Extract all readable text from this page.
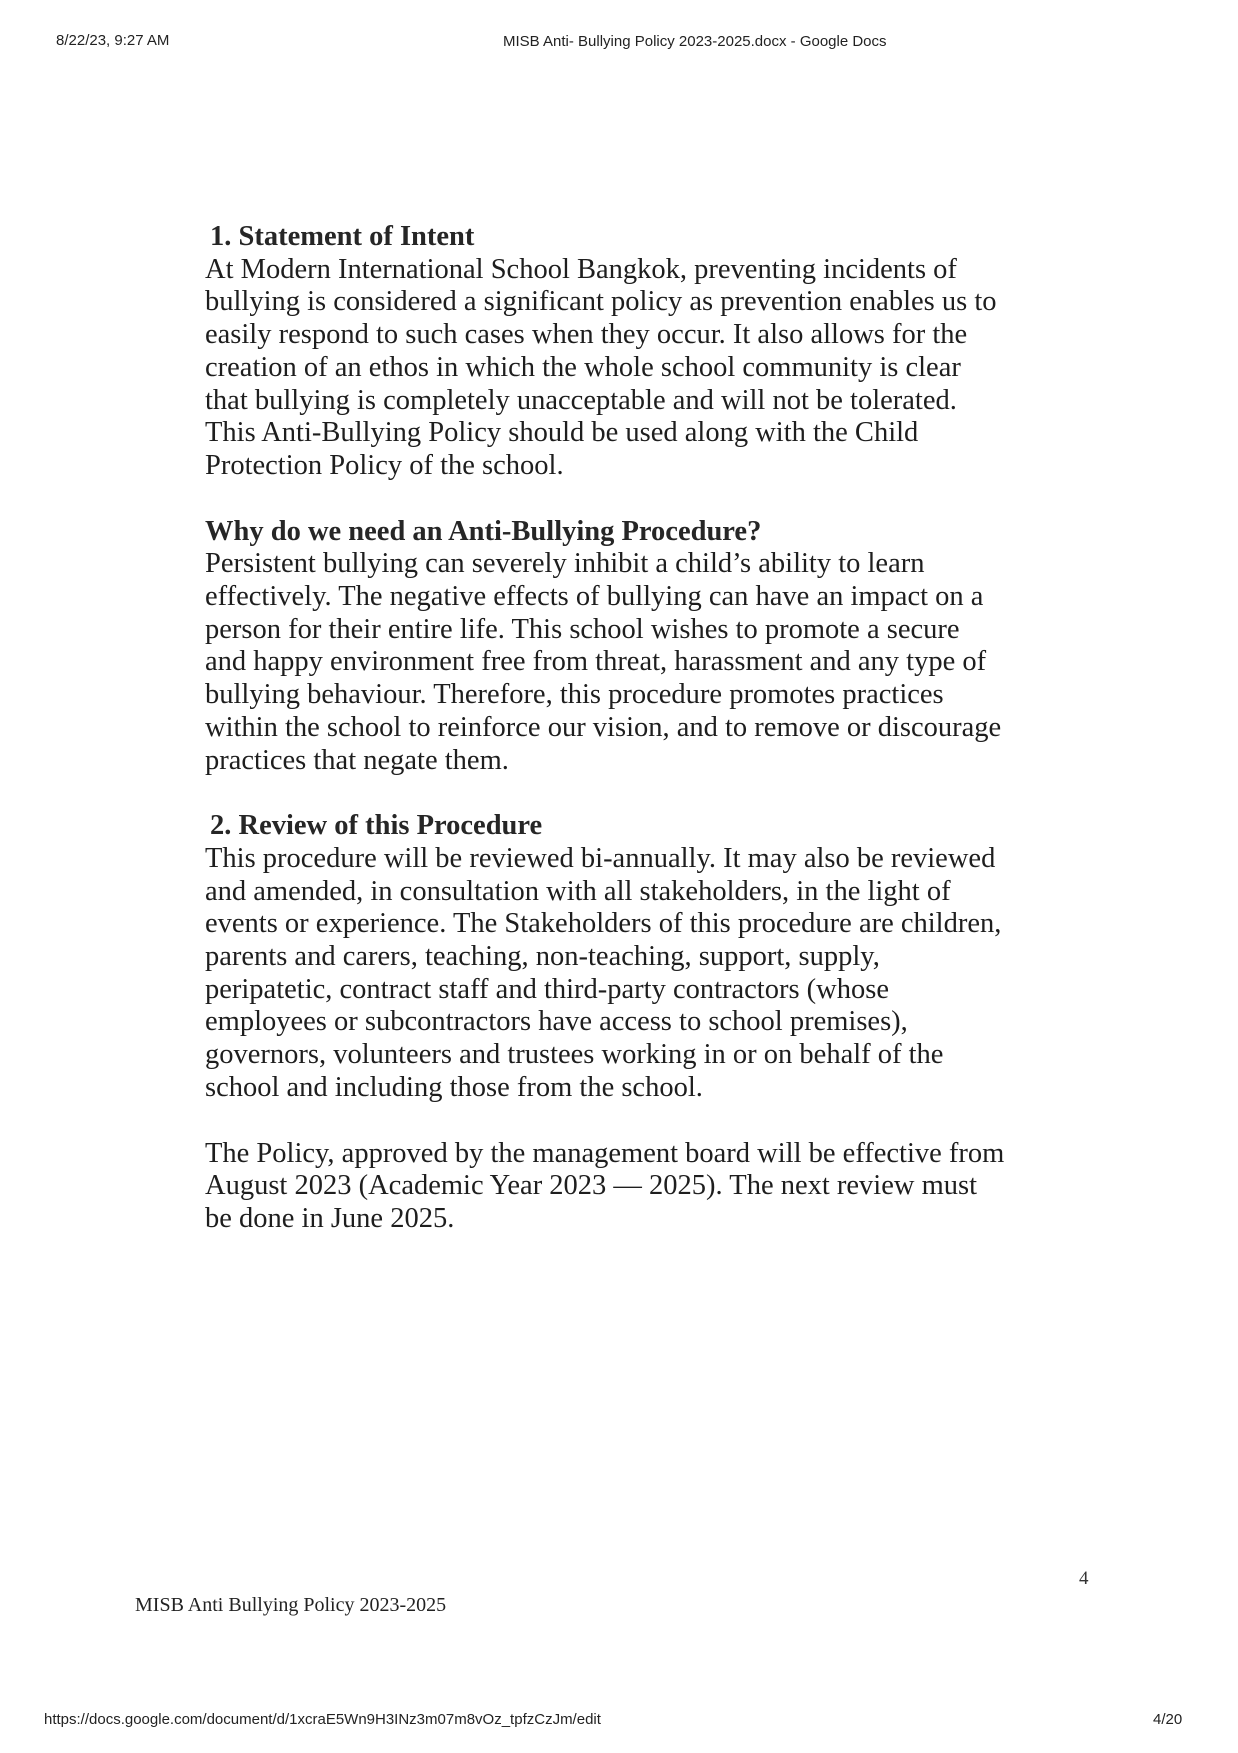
8/22/23, 9:27 AM	MISB Anti- Bullying Policy 2023-2025.docx - Google Docs

1. Statement of Intent

At Modern International School Bangkok, preventing incidents of bullying is considered a significant policy as prevention enables us to easily respond to such cases when they occur. It also allows for the creation of an ethos in which the whole school community is clear that bullying is completely unacceptable and will not be tolerated. This Anti-Bullying Policy should be used along with the Child Protection Policy of the school.

Why do we need an Anti-Bullying Procedure?

Persistent bullying can severely inhibit a child’s ability to learn effectively. The negative effects of bullying can have an impact on a person for their entire life. This school wishes to promote a secure and happy environment free from threat, harassment and any type of bullying behaviour. Therefore, this procedure promotes practices within the school to reinforce our vision, and to remove or discourage practices that negate them.

2. Review of this Procedure

This procedure will be reviewed bi-annually. It may also be reviewed and amended, in consultation with all stakeholders, in the light of events or experience. The Stakeholders of this procedure are children, parents and carers, teaching, non-teaching, support, supply, peripatetic, contract staff and third-party contractors (whose employees or subcontractors have access to school premises), governors, volunteers and trustees working in or on behalf of the school and including those from the school.

The Policy, approved by the management board will be effective from August 2023 (Academic Year 2023 — 2025). The next review must be done in June 2025.

4
MISB Anti Bullying Policy 2023-2025
https://docs.google.com/document/d/1xcraE5Wn9H3INz3m07m8vOz_tpfzCzJm/edit	4/20
